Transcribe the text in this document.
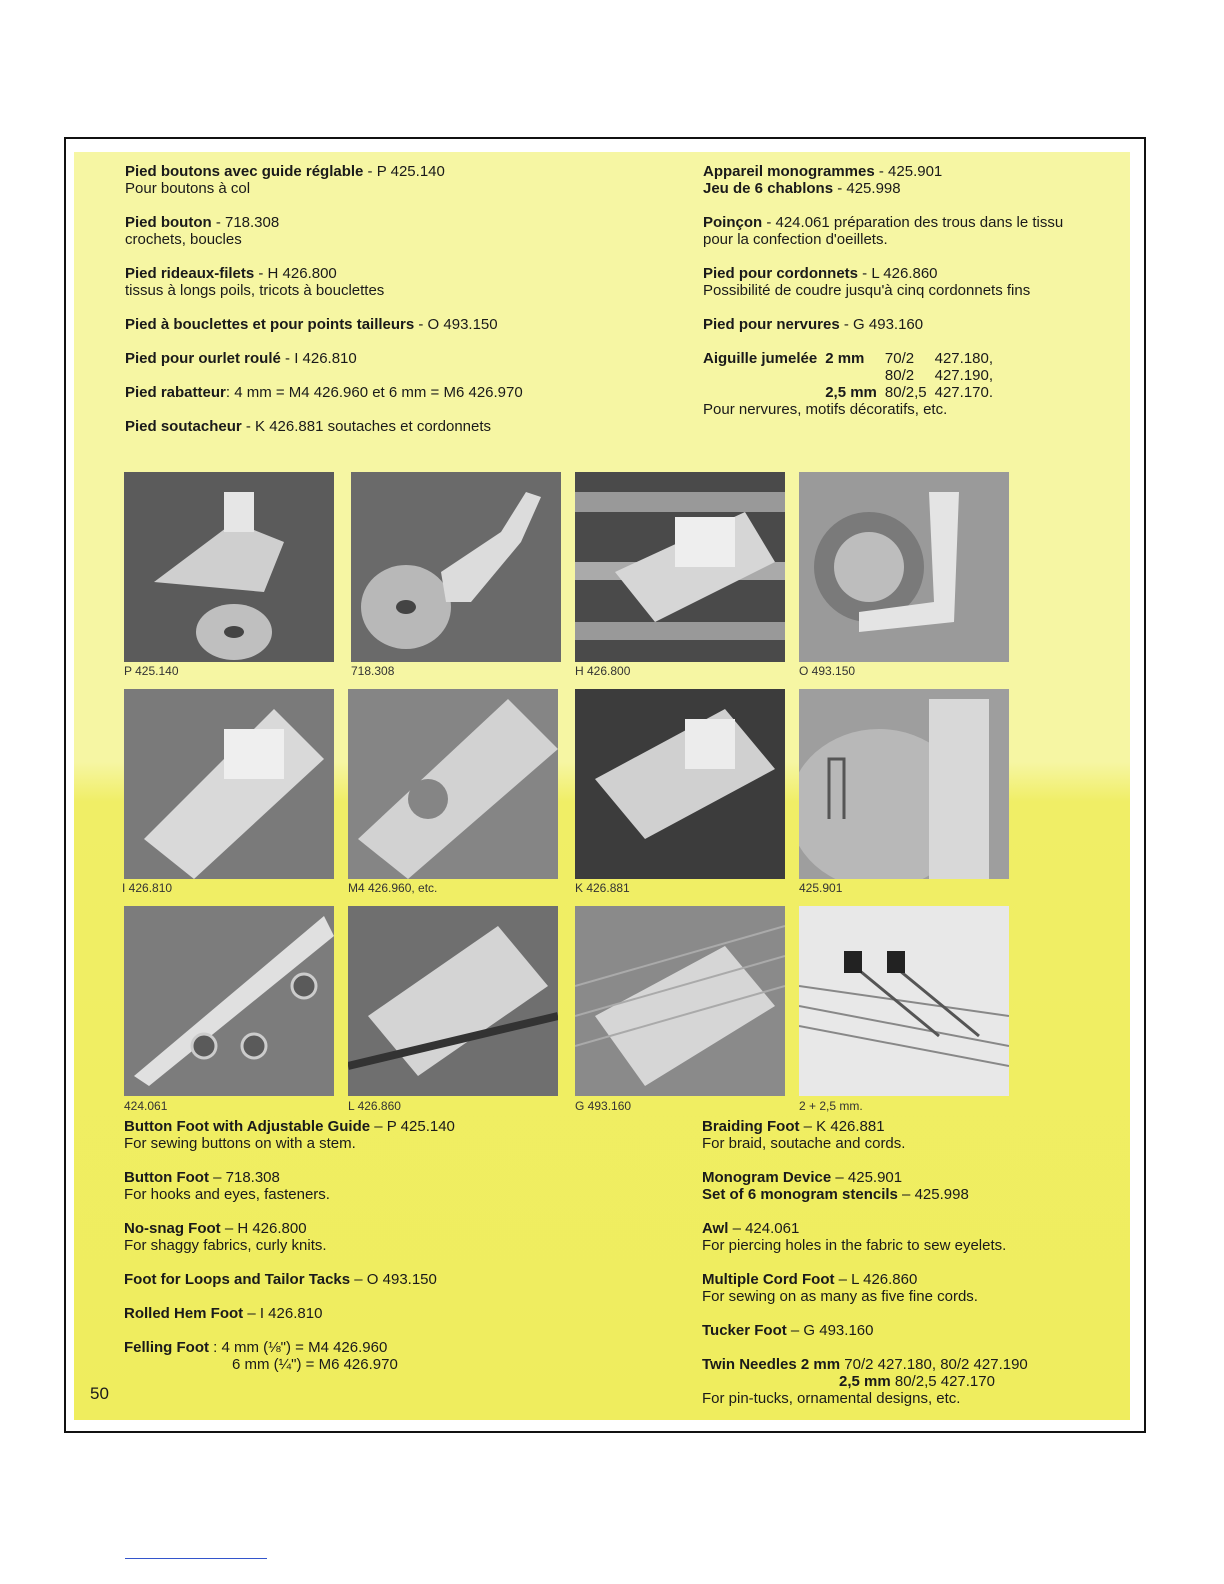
Pied boutons avec guide réglable - P 425.140
Pour boutons à col
Pied bouton - 718.308
crochets, boucles
Pied rideaux-filets - H 426.800
tissus à longs poils, tricots à bouclettes
Pied à bouclettes et pour points tailleurs - O 493.150
Pied pour ourlet roulé - I 426.810
Pied rabatteur: 4 mm = M4 426.960 et 6 mm = M6 426.970
Pied soutacheur - K 426.881 soutaches et cordonnets
Appareil monogrammes - 425.901
Jeu de 6 chablons - 425.998
Poinçon - 424.061 préparation des trous dans le tissu
pour la confection d'oeillets.
Pied pour cordonnets - L 426.860
Possibilité de coudre jusqu'à cinq cordonnets fins
Pied pour nervures - G 493.160
Aiguille jumelée	2 mm	70/2	427.180,
		80/2	427.190,
	2,5 mm	80/2,5	427.170.
Pour nervures, motifs décoratifs, etc.
P 425.140	718.308	H 426.800	O 493.150
I 426.810	M4 426.960, etc.	K 426.881	425.901
424.061	L 426.860	G 493.160	2 + 2,5 mm.
Button Foot with Adjustable Guide – P 425.140
For sewing buttons on with a stem.
Button Foot – 718.308
For hooks and eyes, fasteners.
No-snag Foot – H 426.800
For shaggy fabrics, curly knits.
Foot for Loops and Tailor Tacks – O 493.150
Rolled Hem Foot – I 426.810
Felling Foot : 4 mm (⅛") = M4 426.960
6 mm (¼") = M6 426.970
Braiding Foot – K 426.881
For braid, soutache and cords.
Monogram Device – 425.901
Set of 6 monogram stencils – 425.998
Awl – 424.061
For piercing holes in the fabric to sew eyelets.
Multiple Cord Foot – L 426.860
For sewing on as many as five fine cords.
Tucker Foot – G 493.160
Twin Needles 2 mm 70/2 427.180, 80/2 427.190
2,5 mm 80/2,5 427.170
For pin-tucks, ornamental designs, etc.
50
